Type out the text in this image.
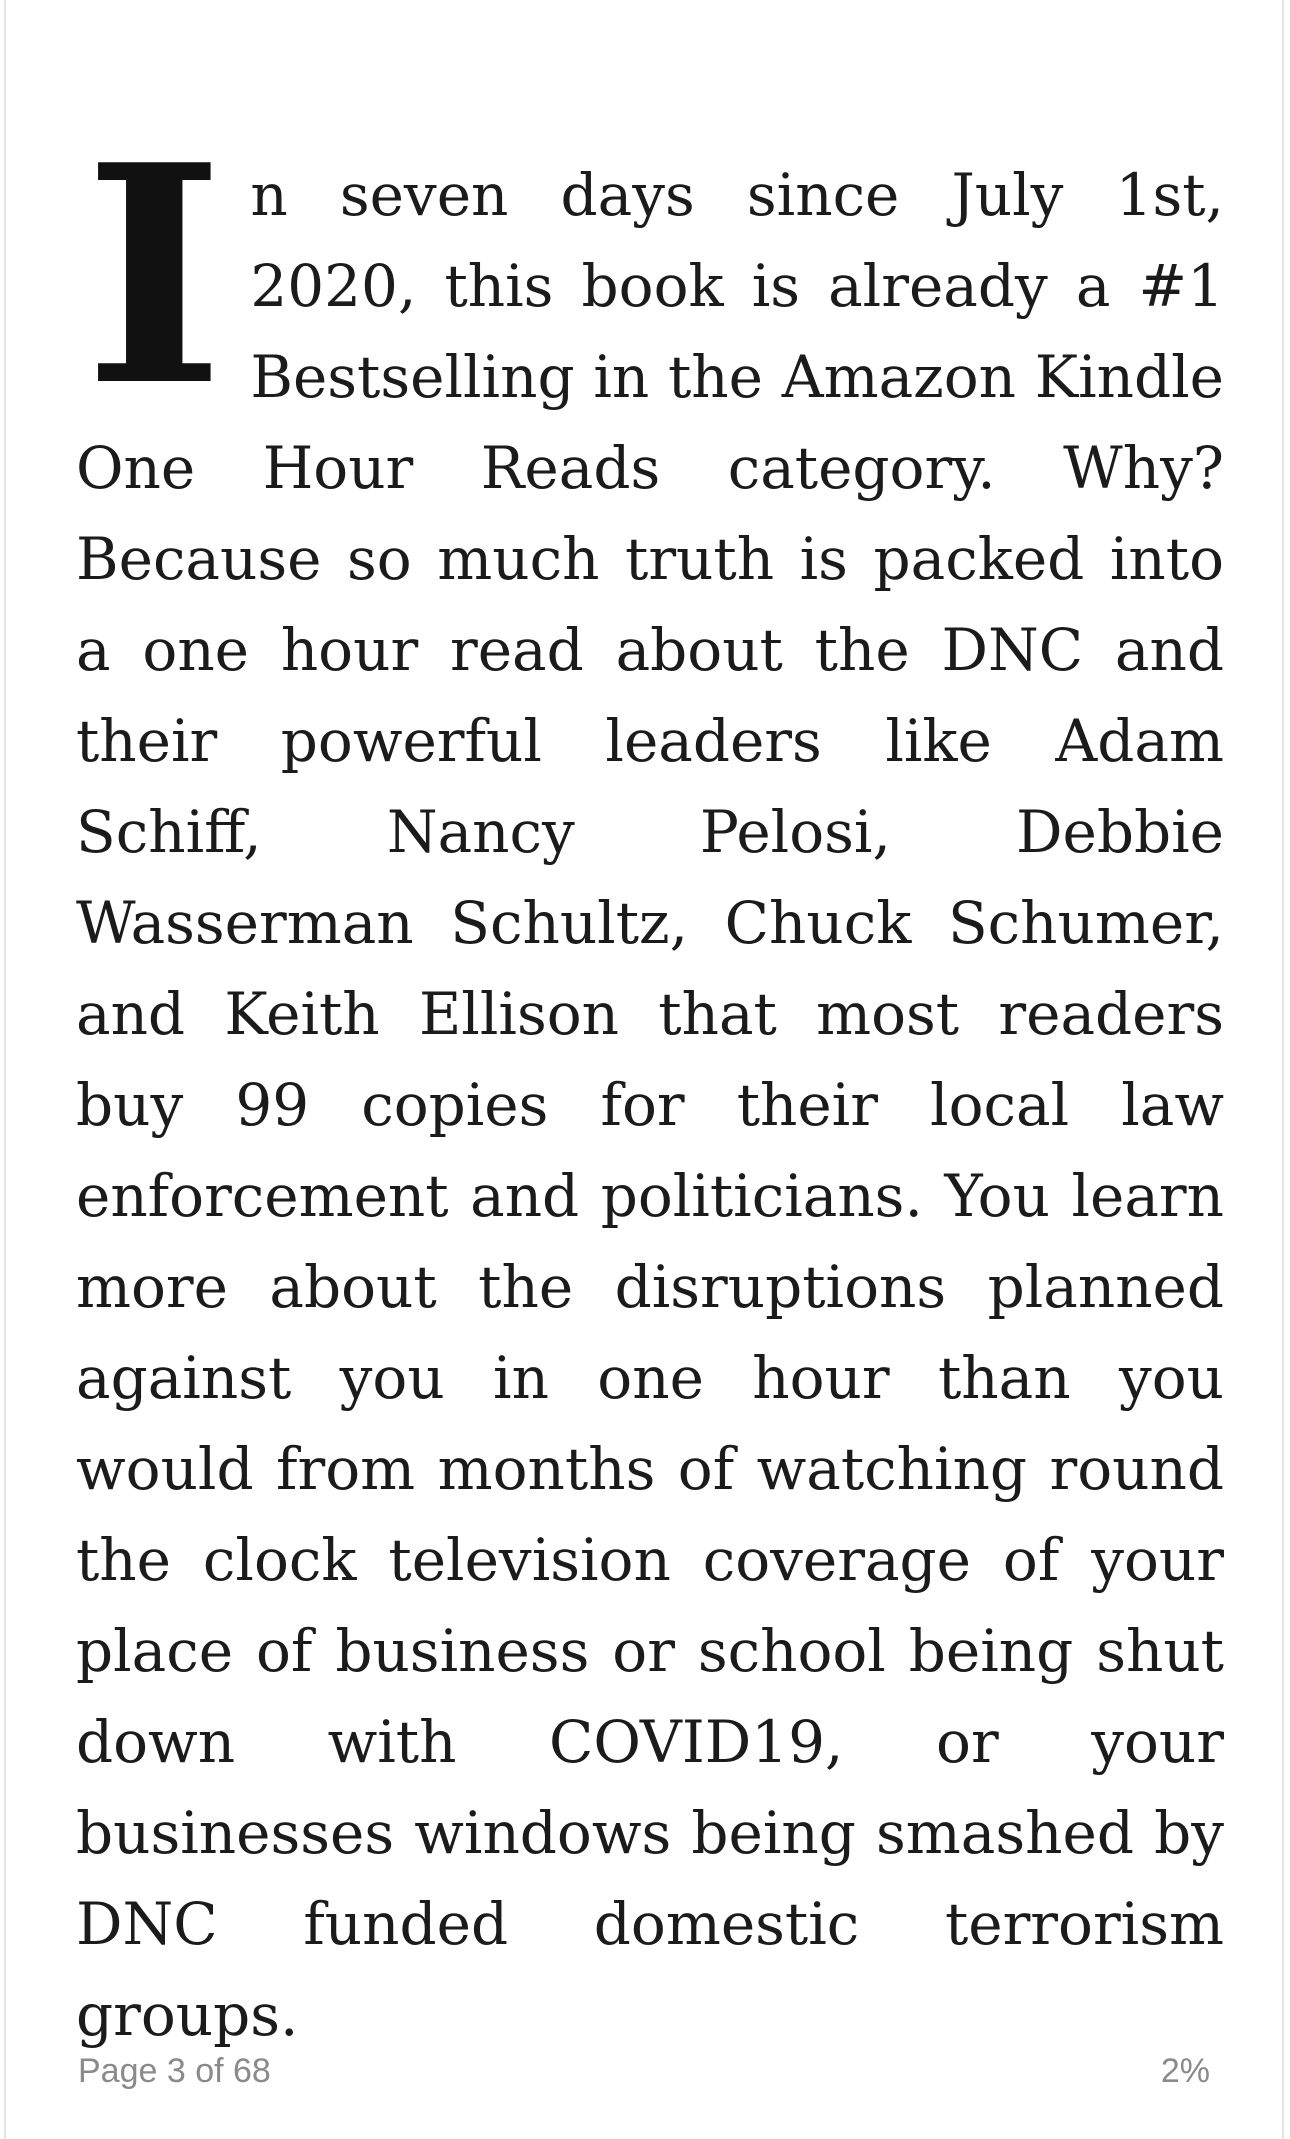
In seven days since July 1st, 2020, this book is already a #1 Bestselling in the Amazon Kindle One Hour Reads category. Why? Because so much truth is packed into a one hour read about the DNC and their powerful leaders like Adam Schiff, Nancy Pelosi, Debbie Wasserman Schultz, Chuck Schumer, and Keith Ellison that most readers buy 99 copies for their local law enforcement and politicians. You learn more about the disruptions planned against you in one hour than you would from months of watching round the clock television coverage of your place of business or school being shut down with COVID19, or your businesses windows being smashed by DNC funded domestic terrorism groups.

Page 3 of 68	2%
